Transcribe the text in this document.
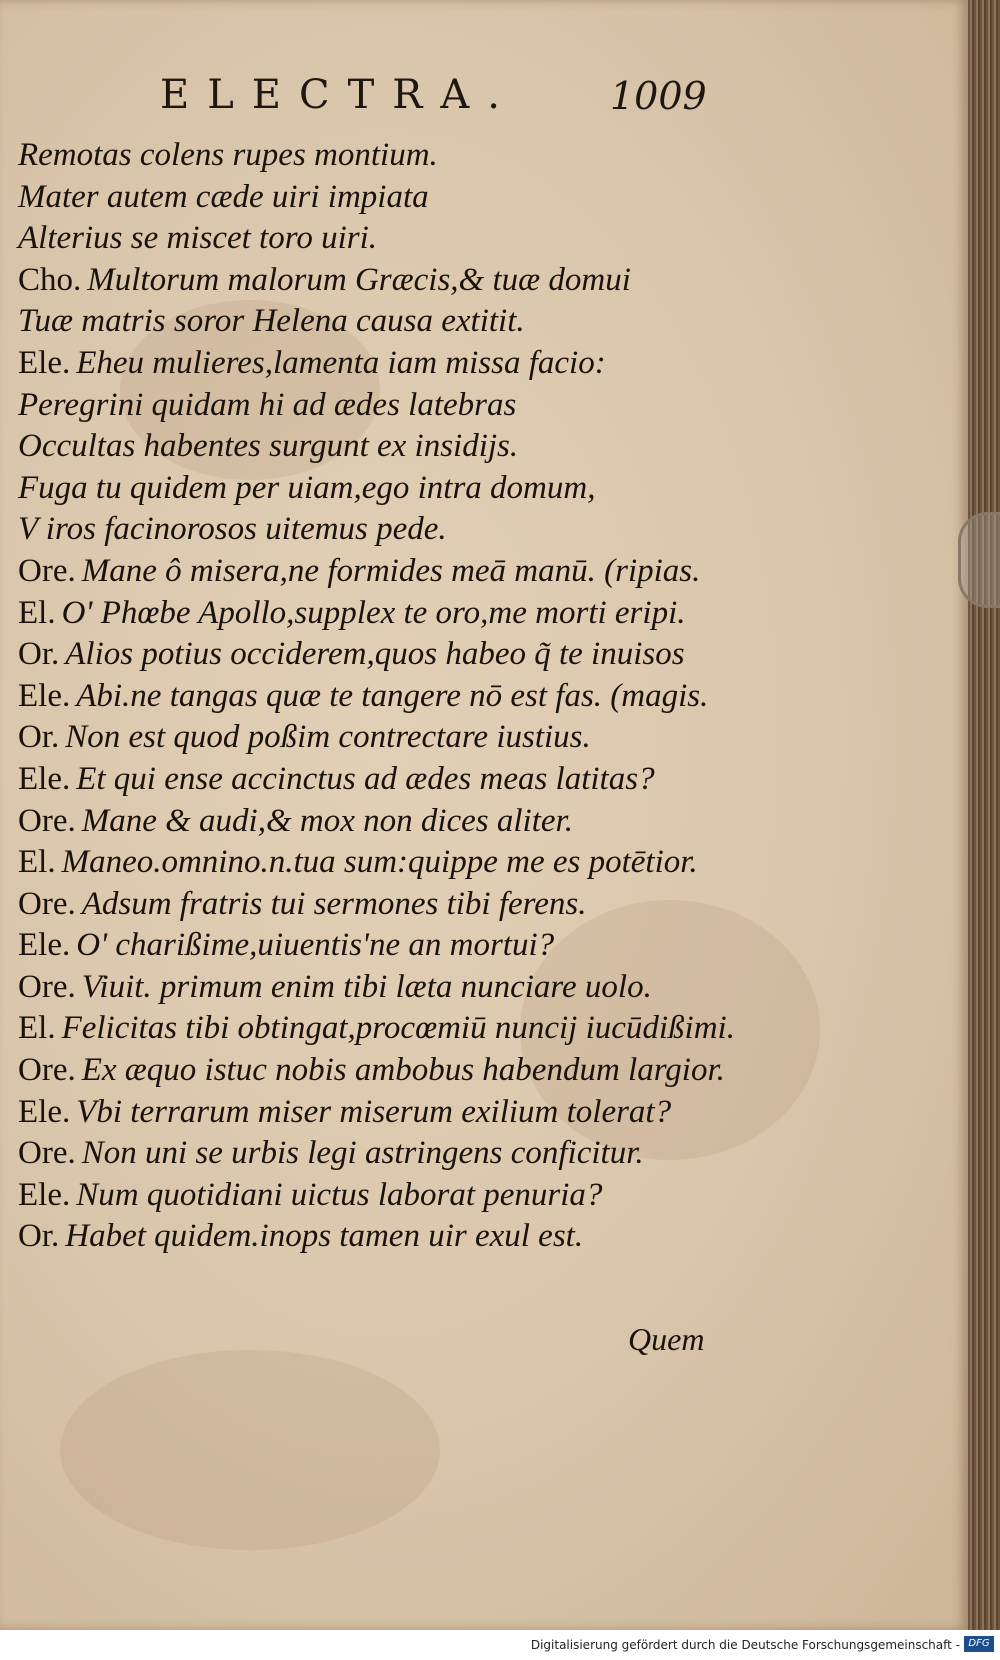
ELECTRA. 1009
Remotas colens rupes montium.
Mater autem cæde uiri impiata
Alterius se miscet toro uiri.
Cho. Multorum malorum Græcis,& tuæ domui
Tuæ matris soror Helena causa extitit.
Ele. Eheu mulieres,lamenta iam missa facio:
Peregrini quidam hi ad ædes latebras
Occultas habentes surgunt ex insidijs.
Fuga tu quidem per uiam,ego intra domum,
V iros facinorosos uitemus pede.
Ore. Mane ô misera,ne formides meā manū. (ripias.
El. O' Phœbe Apollo,supplex te oro,me morti eripi.
Or. Alios potius occiderem,quos habeo q̃ te inuisos
Ele. Abi.ne tangas quæ te tangere nō est fas. (magis.
Or. Non est quod poßim contrectare iustius.
Ele. Et qui ense accinctus ad ædes meas latitas?
Ore. Mane & audi,& mox non dices aliter.
El. Maneo.omnino.n.tua sum:quippe me es potētior.
Ore. Adsum fratris tui sermones tibi ferens.
Ele. O' charißime,uiuentis'ne an mortui?
Ore. Viuit. primum enim tibi læta nunciare uolo.
El. Felicitas tibi obtingat,procœmiū nuncij iucūdißimi.
Ore. Ex æquo istuc nobis ambobus habendum largior.
Ele. Vbi terrarum miser miserum exilium tolerat?
Ore. Non uni se urbis legi astringens conficitur.
Ele. Num quotidiani uictus laborat penuria?
Or. Habet quidem.inops tamen uir exul est.
Quem
Digitalisierung gefördert durch die Deutsche Forschungsgemeinschaft - DFG
